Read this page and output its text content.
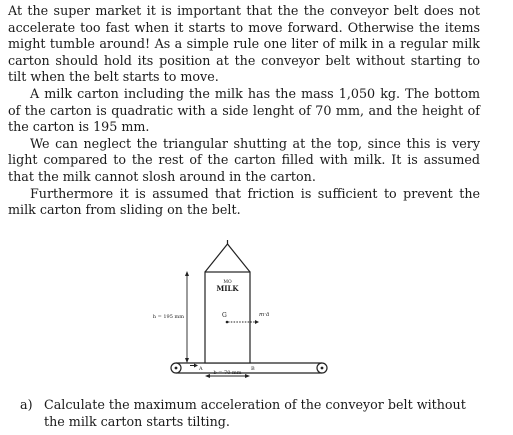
At the super market it is important that the the conveyor belt does not accelerate too fast when it starts to move forward. Otherwise the items might tumble around! As a simple rule one liter of milk in a regular milk carton should hold its position at the conveyor belt without starting to tilt when the belt starts to move.

A milk carton including the milk has the mass 1,050 kg. The bottom of the carton is quadratic with a side lenght of 70 mm, and the height of the carton is 195 mm.

We can neglect the triangular shutting at the top, since this is very light compared to the rest of the carton filled with milk. It is assumed that the milk cannot slosh around in the carton.

Furthermore it is assumed that friction is sufficient to prevent the milk carton from sliding on the belt.

MO
MILK
h = 195 mm	G	m·ā
A	B
b = 70 mm
a) Calculate the maximum acceleration of the conveyor belt without the milk carton starts tilting.
